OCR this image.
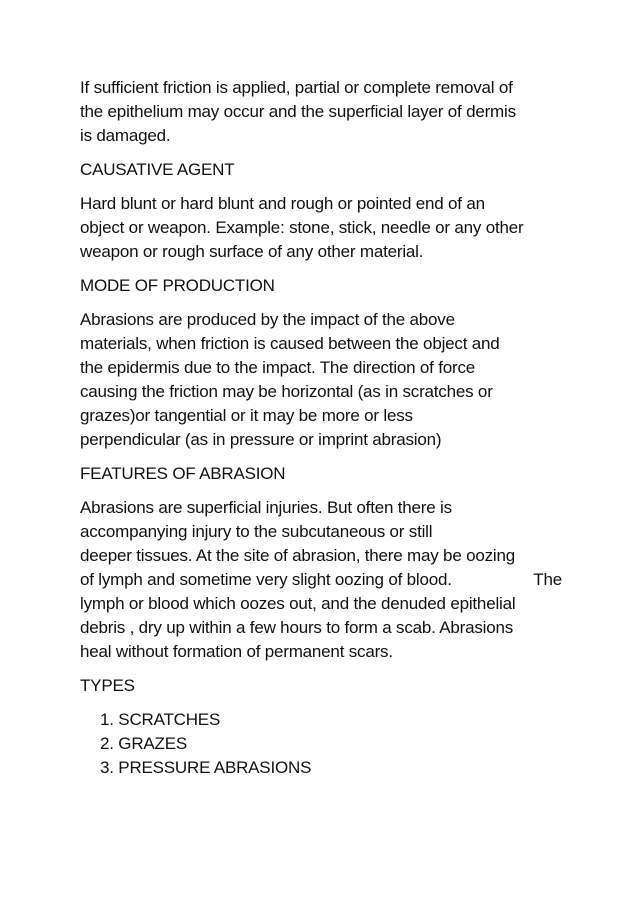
If sufficient friction is applied, partial or complete removal of
the epithelium may occur and the superficial layer of dermis
is damaged.

CAUSATIVE AGENT

Hard blunt or hard blunt and rough or pointed end of an
object or weapon. Example: stone, stick, needle or any other
weapon or rough surface of any other material.

MODE OF PRODUCTION

Abrasions are produced by the impact of the above
materials, when friction is caused between the object and
the epidermis due to the impact. The direction of force
causing the friction may be horizontal (as in scratches or
grazes)or tangential or it may be more or less
perpendicular (as in pressure or imprint abrasion)

FEATURES OF ABRASION

Abrasions are superficial injuries. But often there is
accompanying injury to the subcutaneous or still
deeper tissues. At the site of abrasion, there may be oozing
of lymph and sometime very slight oozing of blood.	The
lymph or blood which oozes out, and the denuded epithelial
debris , dry up within a few hours to form a scab. Abrasions
heal without formation of permanent scars.

TYPES

1. SCRATCHES
2. GRAZES
3. PRESSURE ABRASIONS
